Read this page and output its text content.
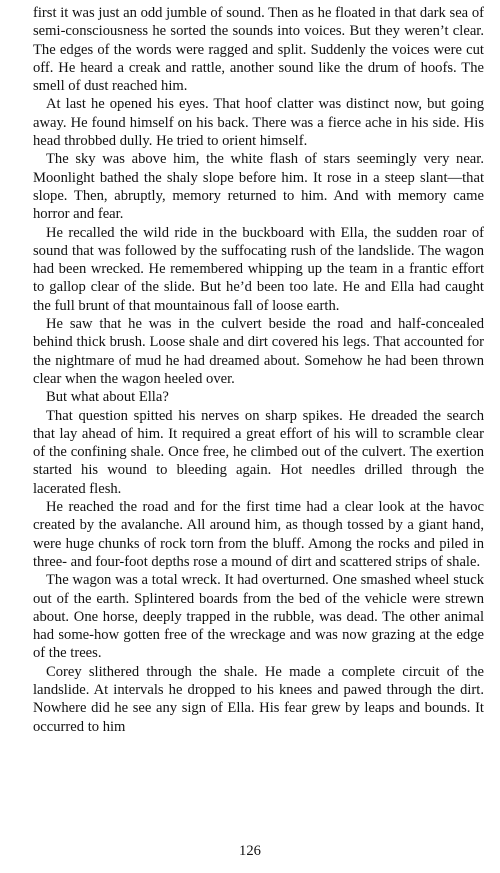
first it was just an odd jumble of sound. Then as he floated in that dark sea of semi-consciousness he sorted the sounds into voices. But they weren’t clear. The edges of the words were ragged and split. Suddenly the voices were cut off. He heard a creak and rattle, another sound like the drum of hoofs. The smell of dust reached him.

At last he opened his eyes. That hoof clatter was distinct now, but going away. He found himself on his back. There was a fierce ache in his side. His head throbbed dully. He tried to orient himself.

The sky was above him, the white flash of stars seemingly very near. Moonlight bathed the shaly slope before him. It rose in a steep slant—that slope. Then, abruptly, memory returned to him. And with memory came horror and fear.

He recalled the wild ride in the buckboard with Ella, the sudden roar of sound that was followed by the suffocating rush of the landslide. The wagon had been wrecked. He remembered whipping up the team in a frantic effort to gallop clear of the slide. But he’d been too late. He and Ella had caught the full brunt of that mountainous fall of loose earth.

He saw that he was in the culvert beside the road and half-concealed behind thick brush. Loose shale and dirt covered his legs. That accounted for the nightmare of mud he had dreamed about. Somehow he had been thrown clear when the wagon heeled over.

But what about Ella?

That question spitted his nerves on sharp spikes. He dreaded the search that lay ahead of him. It required a great effort of his will to scramble clear of the confining shale. Once free, he climbed out of the culvert. The exertion started his wound to bleeding again. Hot needles drilled through the lacerated flesh.

He reached the road and for the first time had a clear look at the havoc created by the avalanche. All around him, as though tossed by a giant hand, were huge chunks of rock torn from the bluff. Among the rocks and piled in three- and four-foot depths rose a mound of dirt and scattered strips of shale.

The wagon was a total wreck. It had overturned. One smashed wheel stuck out of the earth. Splintered boards from the bed of the vehicle were strewn about. One horse, deeply trapped in the rubble, was dead. The other animal had some-how gotten free of the wreckage and was now grazing at the edge of the trees.

Corey slithered through the shale. He made a complete circuit of the landslide. At intervals he dropped to his knees and pawed through the dirt. Nowhere did he see any sign of Ella. His fear grew by leaps and bounds. It occurred to him

126
